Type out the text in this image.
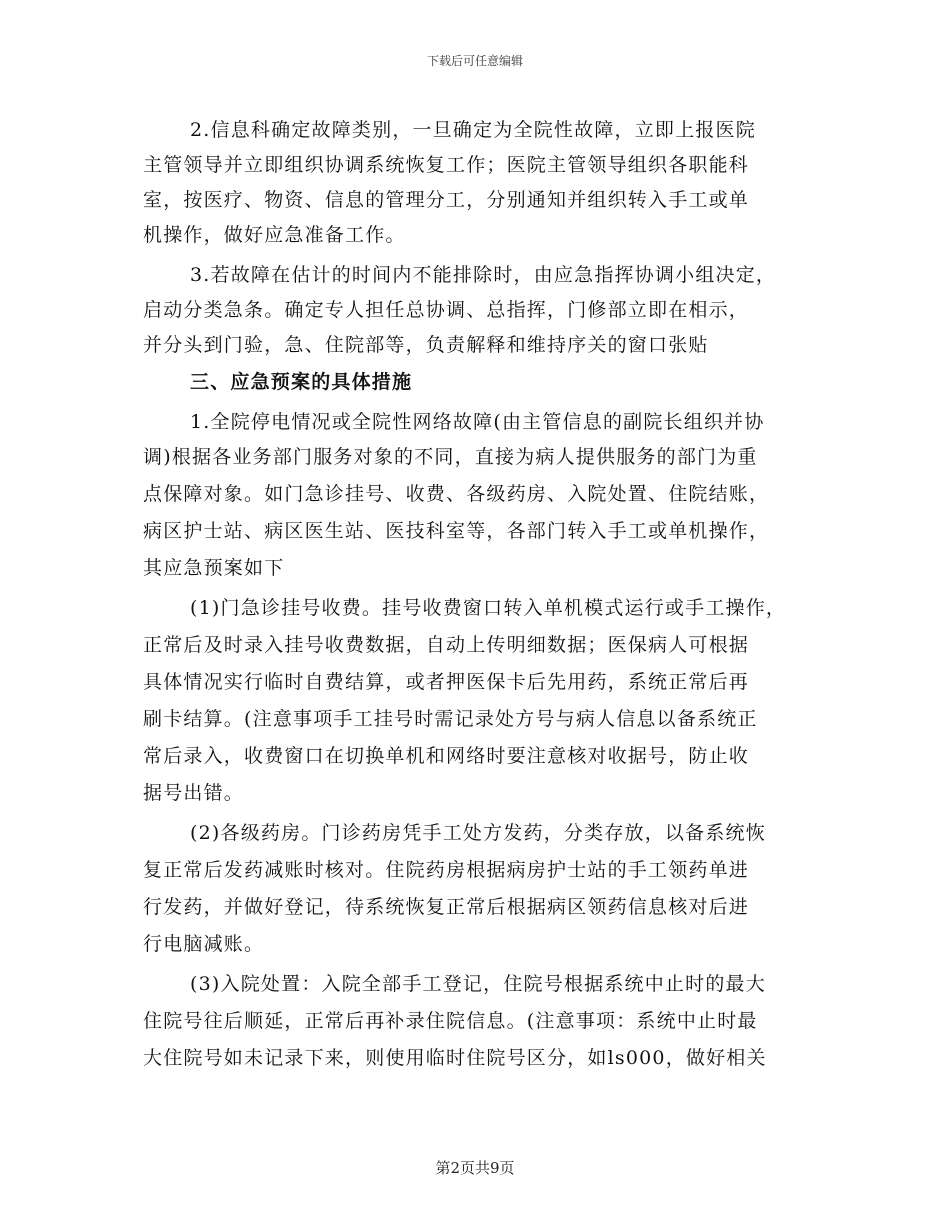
下载后可任意编辑
2.信息科确定故障类别，一旦确定为全院性故障，立即上报医院
主管领导并立即组织协调系统恢复工作；医院主管领导组织各职能科
室，按医疗、物资、信息的管理分工，分别通知并组织转入手工或单
机操作，做好应急准备工作。
3.若故障在估计的时间内不能排除时，由应急指挥协调小组决定，
启动分类急条。确定专人担任总协调、总指挥，门修部立即在相示，
并分头到门验，急、住院部等，负责解释和维持序关的窗口张贴
三、应急预案的具体措施
1.全院停电情况或全院性网络故障(由主管信息的副院长组织并协
调)根据各业务部门服务对象的不同，直接为病人提供服务的部门为重
点保障对象。如门急诊挂号、收费、各级药房、入院处置、住院结账，
病区护士站、病区医生站、医技科室等，各部门转入手工或单机操作，
其应急预案如下
(1)门急诊挂号收费。挂号收费窗口转入单机模式运行或手工操作，
正常后及时录入挂号收费数据，自动上传明细数据；医保病人可根据
具体情况实行临时自费结算，或者押医保卡后先用药，系统正常后再
刷卡结算。(注意事项手工挂号时需记录处方号与病人信息以备系统正
常后录入，收费窗口在切换单机和网络时要注意核对收据号，防止收
据号出错。
(2)各级药房。门诊药房凭手工处方发药，分类存放，以备系统恢
复正常后发药减账时核对。住院药房根据病房护士站的手工领药单进
行发药，并做好登记，待系统恢复正常后根据病区领药信息核对后进
行电脑减账。
(3)入院处置：入院全部手工登记，住院号根据系统中止时的最大
住院号往后顺延，正常后再补录住院信息。(注意事项：系统中止时最
大住院号如未记录下来，则使用临时住院号区分，如ls000，做好相关
第2页共9页
